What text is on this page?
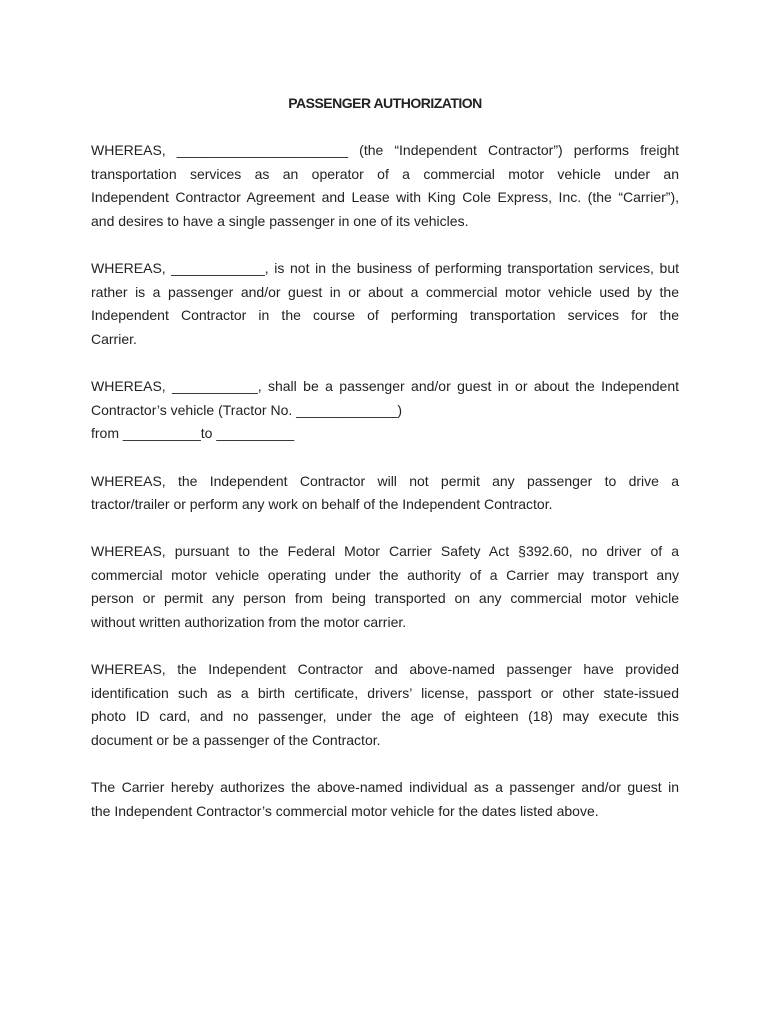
PASSENGER AUTHORIZATION
WHEREAS, ______________________ (the “Independent Contractor”) performs freight
transportation services as an operator of a commercial motor vehicle under an
Independent Contractor Agreement and Lease with King Cole Express, Inc. (the “Carrier”),
and desires to have a single passenger in one of its vehicles.
WHEREAS, ____________, is not in the business of performing transportation services, but
rather is a passenger and/or guest in or about a commercial motor vehicle used by the
Independent Contractor in the course of performing transportation services for the
Carrier.
WHEREAS, ___________, shall be a passenger and/or guest in or about the Independent
Contractor’s vehicle (Tractor No. _____________)
from __________to __________
WHEREAS, the Independent Contractor will not permit any passenger to drive a
tractor/trailer or perform any work on behalf of the Independent Contractor.
WHEREAS, pursuant to the Federal Motor Carrier Safety Act §392.60, no driver of a
commercial motor vehicle operating under the authority of a Carrier may transport any
person or permit any person from being transported on any commercial motor vehicle
without written authorization from the motor carrier.
WHEREAS, the Independent Contractor and above-named passenger have provided
identification such as a birth certificate, drivers’ license, passport or other state-issued
photo ID card, and no passenger, under the age of eighteen (18) may execute this
document or be a passenger of the Contractor.
The Carrier hereby authorizes the above-named individual as a passenger and/or guest in
the Independent Contractor’s commercial motor vehicle for the dates listed above.
